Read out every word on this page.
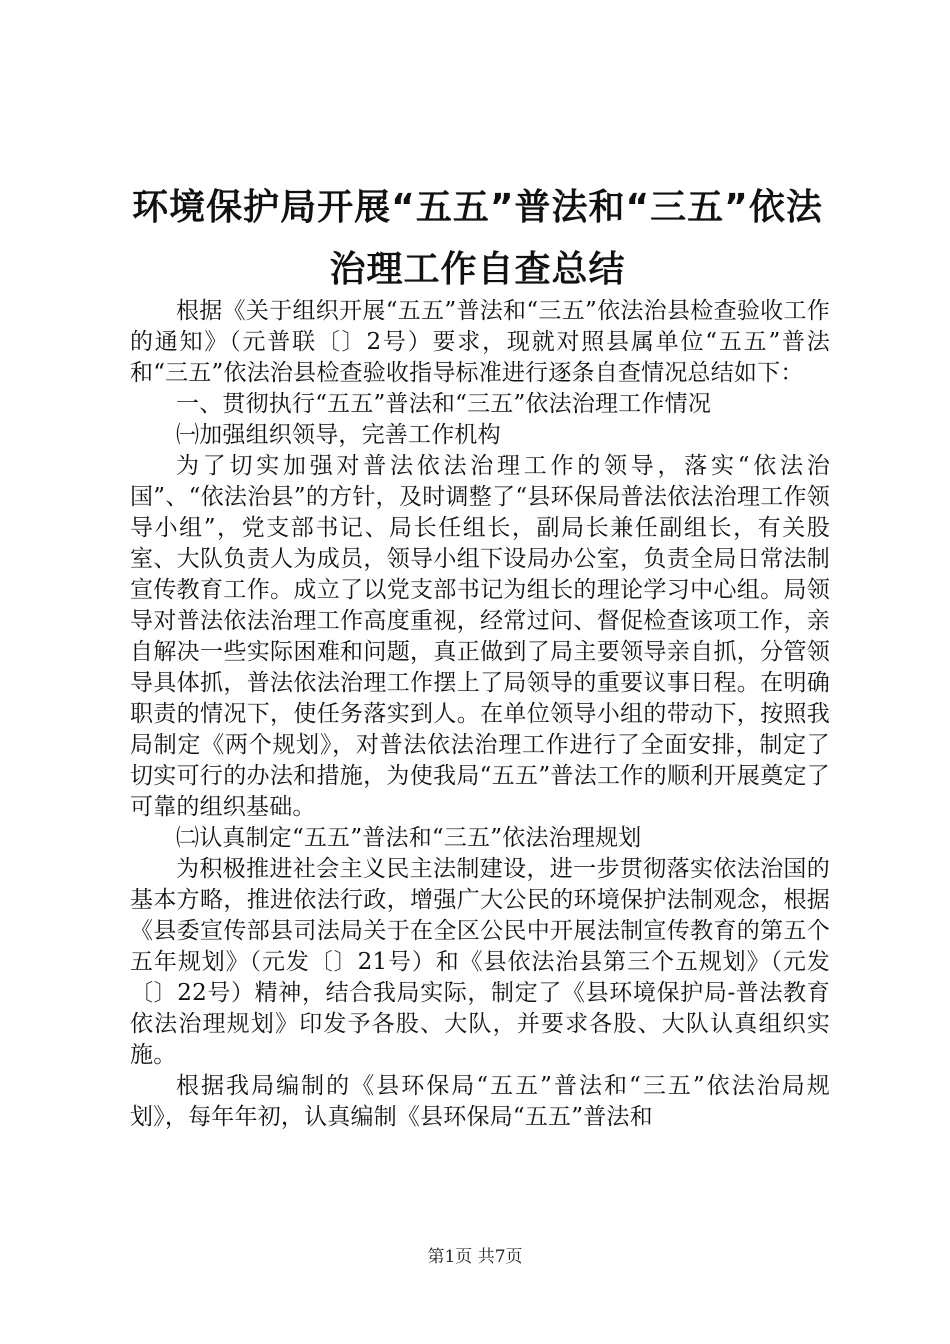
环境保护局开展“五五”普法和“三五”依法
治理工作自查总结

根据《关于组织开展“五五”普法和“三五”依法治县检查验收工作的通知》（元普联〔〕2号）要求，现就对照县属单位“五五”普法和“三五”依法治县检查验收指导标准进行逐条自查情况总结如下：

一、贯彻执行“五五”普法和“三五”依法治理工作情况

㈠加强组织领导，完善工作机构

为了切实加强对普法依法治理工作的领导，落实“依法治国”、“依法治县”的方针，及时调整了“县环保局普法依法治理工作领导小组”，党支部书记、局长任组长，副局长兼任副组长，有关股室、大队负责人为成员，领导小组下设局办公室，负责全局日常法制宣传教育工作。成立了以党支部书记为组长的理论学习中心组。局领导对普法依法治理工作高度重视，经常过问、督促检查该项工作，亲自解决一些实际困难和问题，真正做到了局主要领导亲自抓，分管领导具体抓，普法依法治理工作摆上了局领导的重要议事日程。在明确职责的情况下，使任务落实到人。在单位领导小组的带动下，按照我局制定《两个规划》，对普法依法治理工作进行了全面安排，制定了切实可行的办法和措施，为使我局“五五”普法工作的顺利开展奠定了可靠的组织基础。

㈡认真制定“五五”普法和“三五”依法治理规划

为积极推进社会主义民主法制建设，进一步贯彻落实依法治国的基本方略，推进依法行政，增强广大公民的环境保护法制观念，根据《县委宣传部县司法局关于在全区公民中开展法制宣传教育的第五个五年规划》（元发〔〕21号）和《县依法治县第三个五规划》（元发〔〕22号）精神，结合我局实际，制定了《县环境保护局-普法教育依法治理规划》印发予各股、大队，并要求各股、大队认真组织实施。

根据我局编制的《县环保局“五五”普法和“三五”依法治局规划》，每年年初，认真编制《县环保局“五五”普法和

第1页 共7页
